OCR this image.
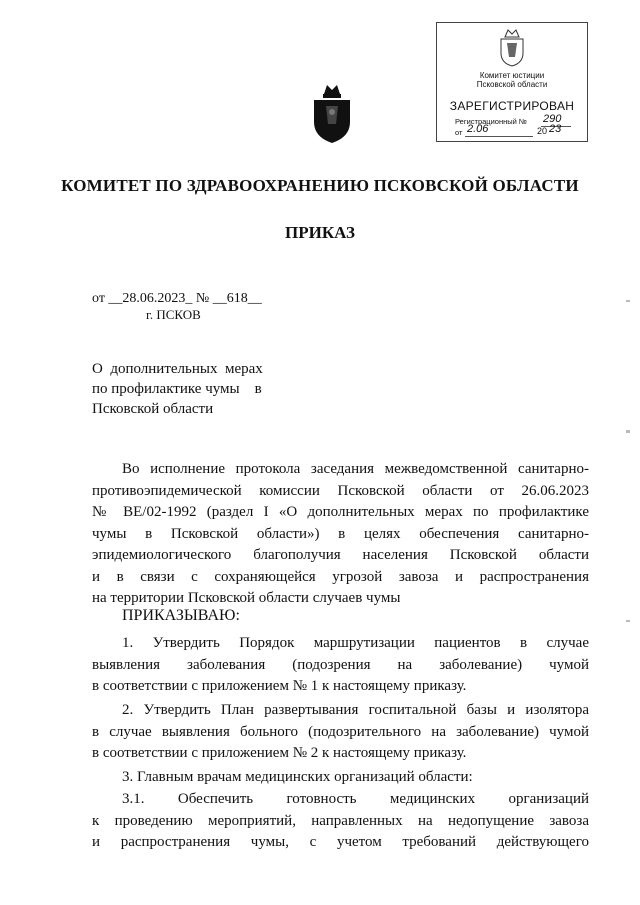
Комитет юстиции
Псковской области
ЗАРЕГИСТРИРОВАН
Регистрационный № 290
от 2.06	20 23
КОМИТЕТ ПО ЗДРАВООХРАНЕНИЮ ПСКОВСКОЙ ОБЛАСТИ
ПРИКАЗ
от __28.06.2023_ № __618__
г. ПСКОВ
О  дополнительных  мерах
по профилактике чумы    в
Псковской области
Во исполнение протокола заседания межведомственной санитарно-
противоэпидемической комиссии Псковской области от 26.06.2023
№ ВЕ/02-1992 (раздел I «О дополнительных мерах по профилактике
чумы в Псковской области») в целях обеспечения санитарно-
эпидемиологического благополучия населения Псковской области
и в связи с сохраняющейся угрозой завоза и распространения
на территории Псковской области случаев чумы
ПРИКАЗЫВАЮ:
1. Утвердить Порядок маршрутизации пациентов в случае
выявления заболевания (подозрения на заболевание) чумой
в соответствии с приложением № 1 к настоящему приказу.
2. Утвердить План развертывания госпитальной базы и изолятора
в случае выявления больного (подозрительного на заболевание) чумой
в соответствии с приложением № 2 к настоящему приказу.
3. Главным врачам медицинских организаций области:
3.1. Обеспечить готовность медицинских организаций
к проведению мероприятий, направленных на недопущение завоза
и распространения чумы, с учетом требований действующего
